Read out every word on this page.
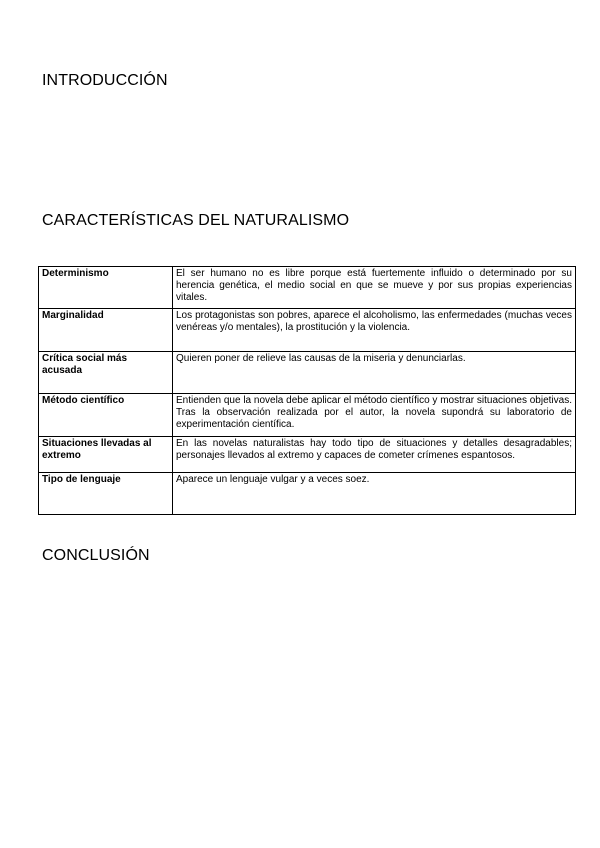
INTRODUCCIÓN
CARACTERÍSTICAS DEL NATURALISMO
Determinismo	El ser humano no es libre porque está fuertemente influido o determinado por su herencia genética, el medio social en que se mueve y por sus propias experiencias vitales.
Marginalidad	Los protagonistas son pobres, aparece el alcoholismo, las enfermedades (muchas veces venéreas y/o mentales), la prostitución y la violencia.
Crítica social más acusada	Quieren poner de relieve las causas de la miseria y denunciarlas.
Método científico	Entienden que la novela debe aplicar el método científico y mostrar situaciones objetivas. Tras la observación realizada por el autor, la novela supondrá su laboratorio de experimentación científica.
Situaciones llevadas al extremo	En las novelas naturalistas hay todo tipo de situaciones y detalles desagradables; personajes llevados al extremo y capaces de cometer crímenes espantosos.
Tipo de lenguaje	Aparece un lenguaje vulgar y a veces soez.
CONCLUSIÓN
